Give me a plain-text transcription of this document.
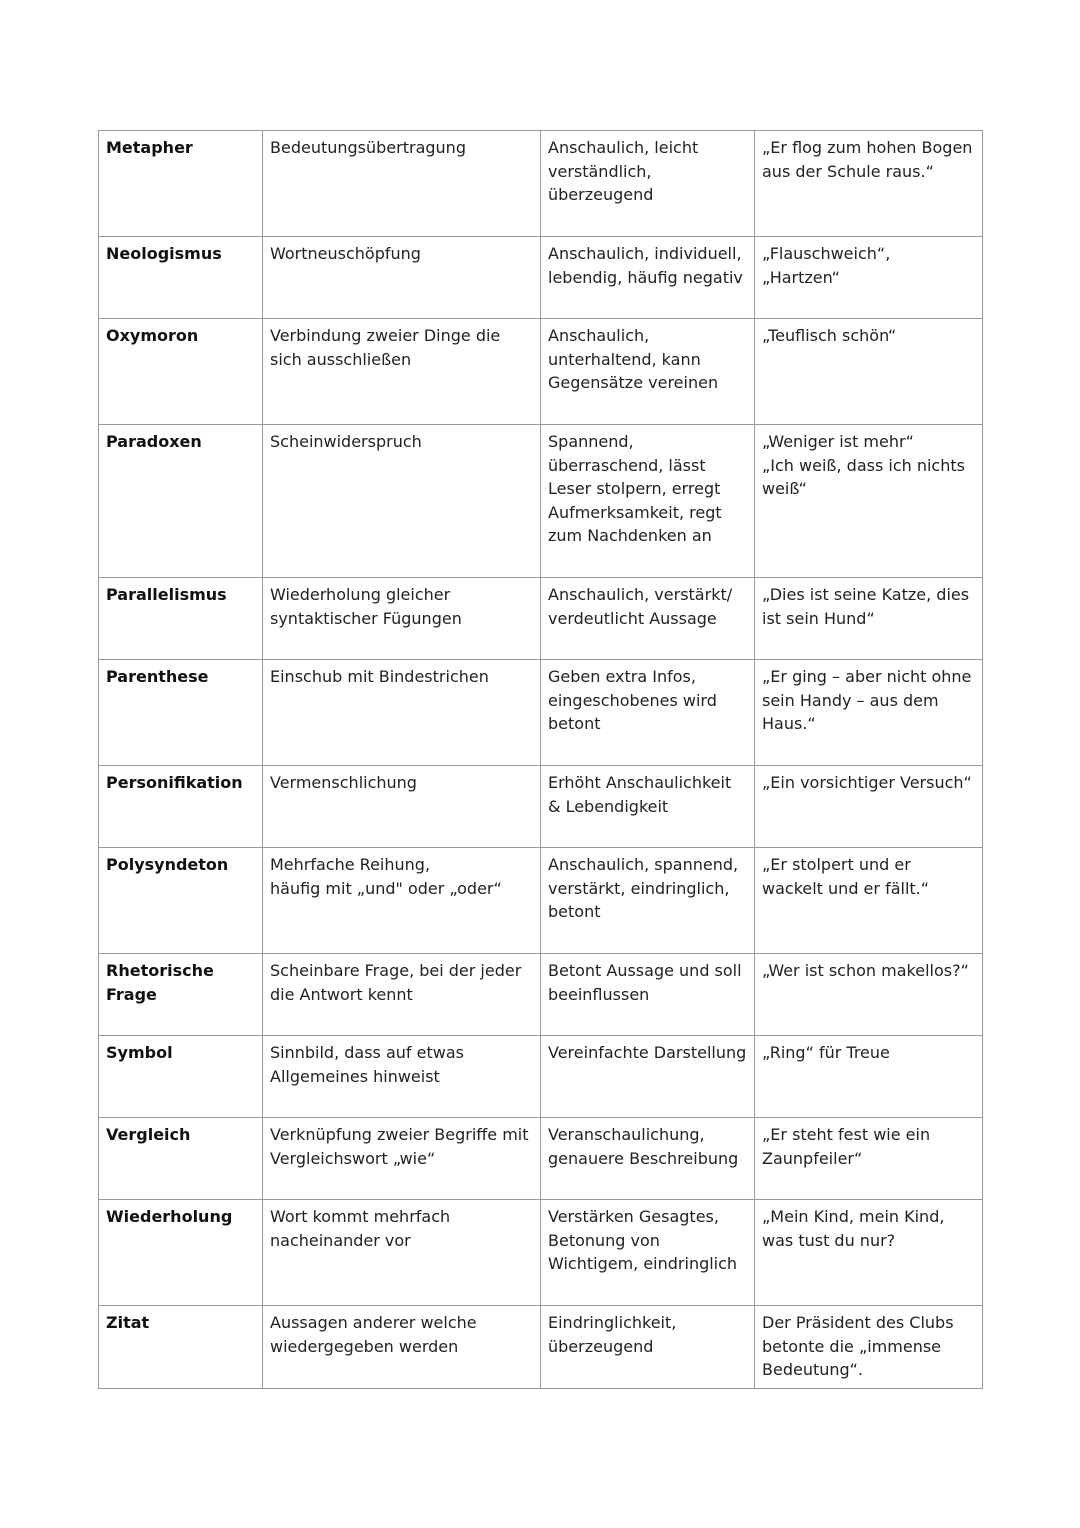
Metapher	Bedeutungsübertragung	Anschaulich, leicht
verständlich,
überzeugend	„Er flog zum hohen Bogen
aus der Schule raus.“
Neologismus	Wortneuschöpfung	Anschaulich, individuell,
lebendig, häufig negativ	„Flauschweich“,
„Hartzen“
Oxymoron	Verbindung zweier Dinge die
sich ausschließen	Anschaulich,
unterhaltend, kann
Gegensätze vereinen	„Teuflisch schön“
Paradoxen	Scheinwiderspruch	Spannend,
überraschend, lässt
Leser stolpern, erregt
Aufmerksamkeit, regt
zum Nachdenken an	„Weniger ist mehr“
„Ich weiß, dass ich nichts
weiß“
Parallelismus	Wiederholung gleicher
syntaktischer Fügungen	Anschaulich, verstärkt/
verdeutlicht Aussage	„Dies ist seine Katze, dies
ist sein Hund“
Parenthese	Einschub mit Bindestrichen	Geben extra Infos,
eingeschobenes wird
betont	„Er ging – aber nicht ohne
sein Handy – aus dem
Haus.“
Personifikation	Vermenschlichung	Erhöht Anschaulichkeit
& Lebendigkeit	„Ein vorsichtiger Versuch“
Polysyndeton	Mehrfache Reihung,
häufig mit „und" oder „oder“	Anschaulich, spannend,
verstärkt, eindringlich,
betont	„Er stolpert und er
wackelt und er fällt.“
Rhetorische Frage	Scheinbare Frage, bei der jeder
die Antwort kennt	Betont Aussage und soll
beeinflussen	„Wer ist schon makellos?“
Symbol	Sinnbild, dass auf etwas
Allgemeines hinweist	Vereinfachte Darstellung	„Ring“ für Treue
Vergleich	Verknüpfung zweier Begriffe mit
Vergleichswort „wie“	Veranschaulichung,
genauere Beschreibung	„Er steht fest wie ein
Zaunpfeiler“
Wiederholung	Wort kommt mehrfach
nacheinander vor	Verstärken Gesagtes,
Betonung von
Wichtigem, eindringlich	„Mein Kind, mein Kind,
was tust du nur?
Zitat	Aussagen anderer welche
wiedergegeben werden	Eindringlichkeit,
überzeugend	Der Präsident des Clubs
betonte die „immense
Bedeutung“.
